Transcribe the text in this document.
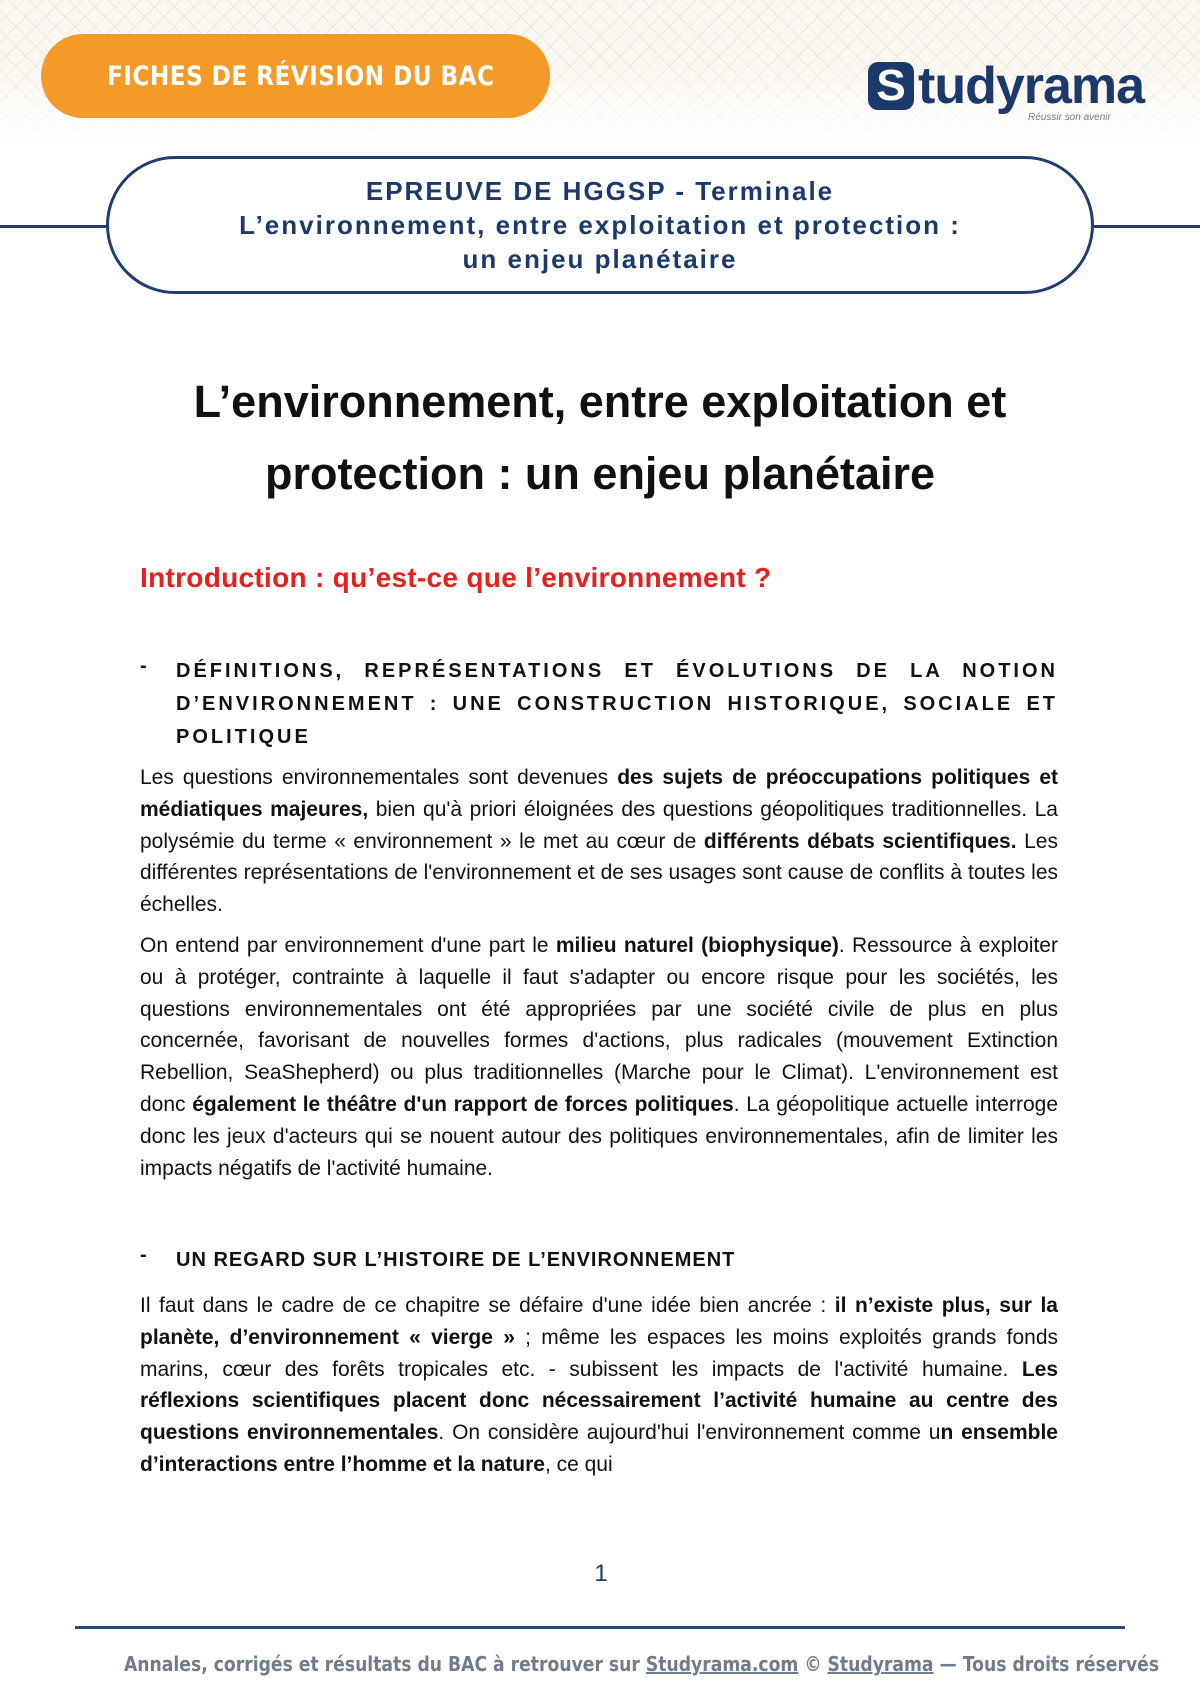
FICHES DE RÉVISION DU BAC	S tudyrama
Réussir son avenir
EPREUVE DE HGGSP - Terminale
L’environnement, entre exploitation et protection :
un enjeu planétaire
L’environnement, entre exploitation et
protection : un enjeu planétaire
Introduction : qu’est-ce que l’environnement ?
- DÉFINITIONS, REPRÉSENTATIONS ET ÉVOLUTIONS DE LA NOTION D’ENVIRONNEMENT : UNE CONSTRUCTION HISTORIQUE, SOCIALE ET POLITIQUE

Les questions environnementales sont devenues des sujets de préoccupations politiques et médiatiques majeures, bien qu'à priori éloignées des questions géopolitiques traditionnelles. La polysémie du terme « environnement » le met au cœur de différents débats scientifiques. Les différentes représentations de l'environnement et de ses usages sont cause de conflits à toutes les échelles.

On entend par environnement d'une part le milieu naturel (biophysique). Ressource à exploiter ou à protéger, contrainte à laquelle il faut s'adapter ou encore risque pour les sociétés, les questions environnementales ont été appropriées par une société civile de plus en plus concernée, favorisant de nouvelles formes d'actions, plus radicales (mouvement Extinction Rebellion, SeaShepherd) ou plus traditionnelles (Marche pour le Climat). L'environnement est donc également le théâtre d'un rapport de forces politiques. La géopolitique actuelle interroge donc les jeux d'acteurs qui se nouent autour des politiques environnementales, afin de limiter les impacts négatifs de l'activité humaine.

- UN REGARD SUR L’HISTOIRE DE L’ENVIRONNEMENT

Il faut dans le cadre de ce chapitre se défaire d'une idée bien ancrée : il n’existe plus, sur la planète, d’environnement « vierge » ; même les espaces les moins exploités grands fonds marins, cœur des forêts tropicales etc. - subissent les impacts de l'activité humaine. Les réflexions scientifiques placent donc nécessairement l’activité humaine au centre des questions environnementales. On considère aujourd'hui l'environnement comme un ensemble d’interactions entre l’homme et la nature, ce qui

1
Annales, corrigés et résultats du BAC à retrouver sur Studyrama.com © Studyrama — Tous droits réservés
